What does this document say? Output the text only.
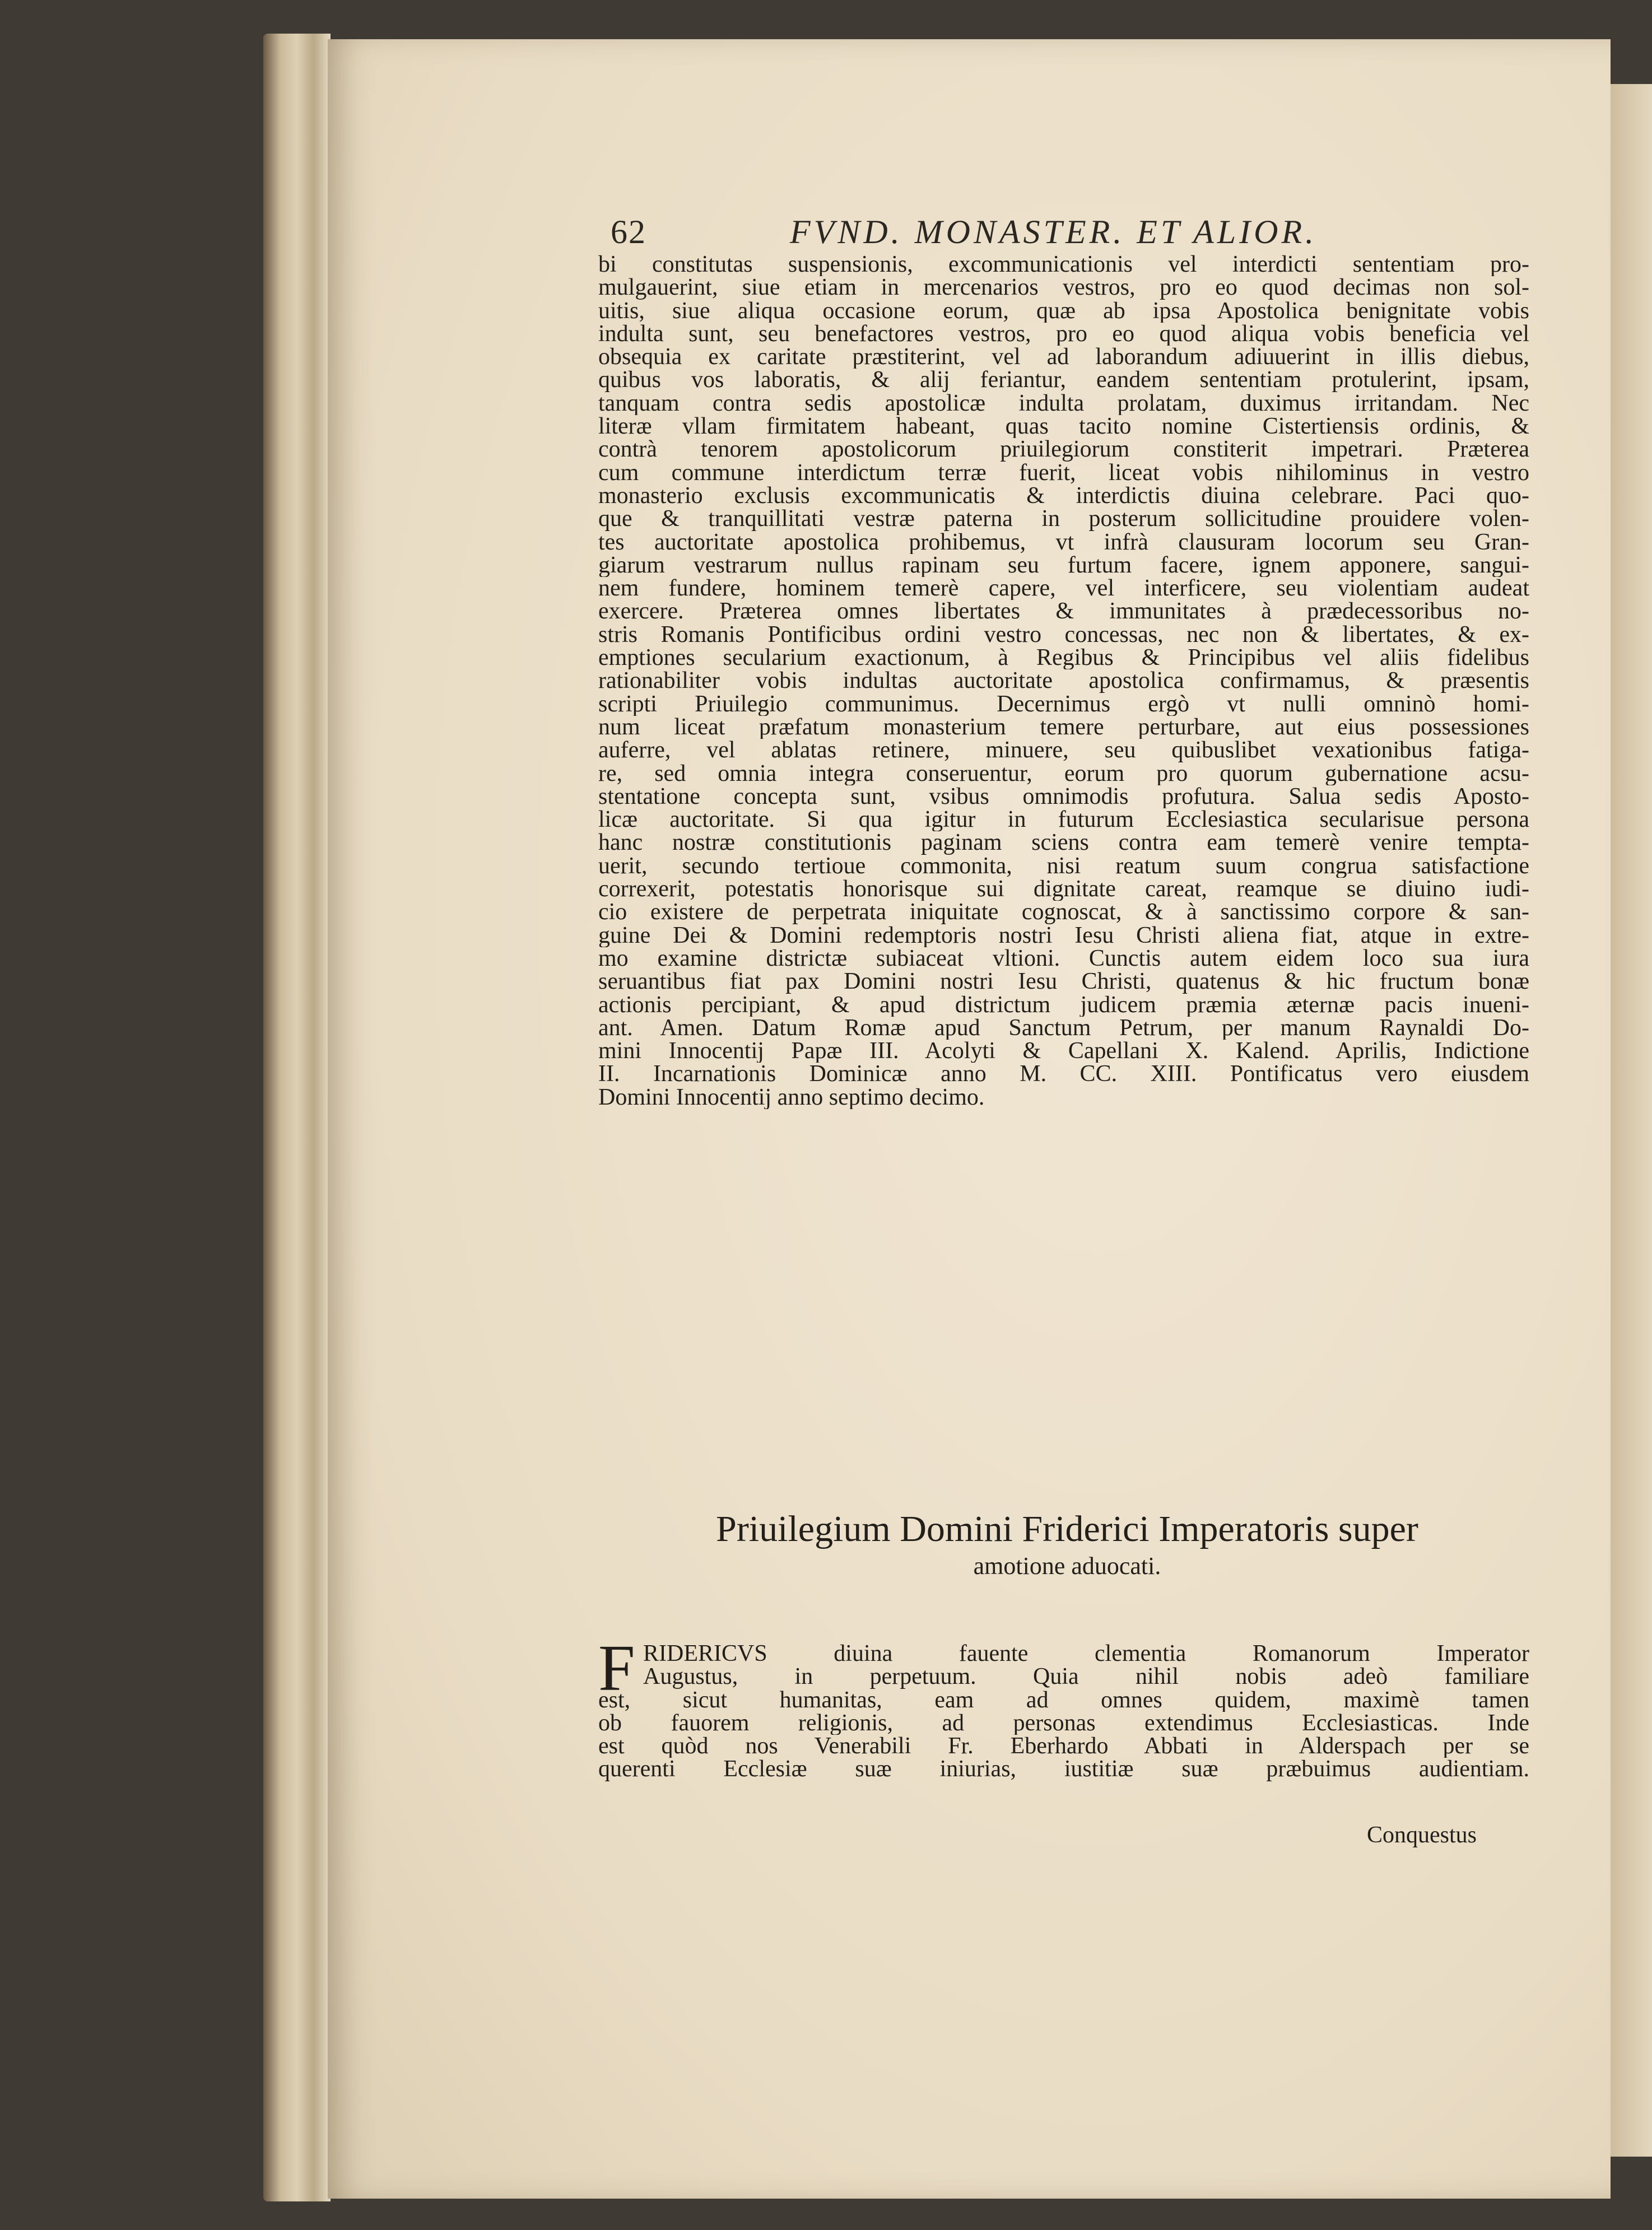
62	FVND. MONASTER. ET ALIOR.
bi constitutas suspensionis, excommunicationis vel interdicti sententiam pro-
mulgauerint, siue etiam in mercenarios vestros, pro eo quod decimas non sol-
uitis, siue aliqua occasione eorum, quæ ab ipsa Apostolica benignitate vobis
indulta sunt, seu benefactores vestros, pro eo quod aliqua vobis beneficia vel
obsequia ex caritate præstiterint, vel ad laborandum adiuuerint in illis diebus,
quibus vos laboratis, & alij feriantur, eandem sententiam protulerint, ipsam,
tanquam contra sedis apostolicæ indulta prolatam, duximus irritandam. Nec
literæ vllam firmitatem habeant, quas tacito nomine Cistertiensis ordinis, &
contrà tenorem apostolicorum priuilegiorum constiterit impetrari. Præterea
cum commune interdictum terræ fuerit, liceat vobis nihilominus in vestro
monasterio exclusis excommunicatis & interdictis diuina celebrare. Paci quo-
que & tranquillitati vestræ paterna in posterum sollicitudine prouidere volen-
tes auctoritate apostolica prohibemus, vt infrà clausuram locorum seu Gran-
giarum vestrarum nullus rapinam seu furtum facere, ignem apponere, sangui-
nem fundere, hominem temerè capere, vel interficere, seu violentiam audeat
exercere. Præterea omnes libertates & immunitates à prædecessoribus no-
stris Romanis Pontificibus ordini vestro concessas, nec non & libertates, & ex-
emptiones secularium exactionum, à Regibus & Principibus vel aliis fidelibus
rationabiliter vobis indultas auctoritate apostolica confirmamus, & præsentis
scripti Priuilegio communimus. Decernimus ergò vt nulli omninò homi-
num liceat præfatum monasterium temere perturbare, aut eius possessiones
auferre, vel ablatas retinere, minuere, seu quibuslibet vexationibus fatiga-
re, sed omnia integra conseruentur, eorum pro quorum gubernatione acsu-
stentatione concepta sunt, vsibus omnimodis profutura. Salua sedis Aposto-
licæ auctoritate. Si qua igitur in futurum Ecclesiastica secularisue persona
hanc nostræ constitutionis paginam sciens contra eam temerè venire tempta-
uerit, secundo tertioue commonita, nisi reatum suum congrua satisfactione
correxerit, potestatis honorisque sui dignitate careat, reamque se diuino iudi-
cio existere de perpetrata iniquitate cognoscat, & à sanctissimo corpore & san-
guine Dei & Domini redemptoris nostri Iesu Christi aliena fiat, atque in extre-
mo examine districtæ subiaceat vltioni. Cunctis autem eidem loco sua iura
seruantibus fiat pax Domini nostri Iesu Christi, quatenus & hic fructum bonæ
actionis percipiant, & apud districtum judicem præmia æternæ pacis inueni-
ant. Amen. Datum Romæ apud Sanctum Petrum, per manum Raynaldi Do-
mini Innocentij Papæ III. Acolyti & Capellani X. Kalend. Aprilis, Indictione
II. Incarnationis Dominicæ anno M. CC. XIII. Pontificatus vero eiusdem
Domini Innocentij anno septimo decimo.
Priuilegium Domini Friderici Imperatoris super
amotione aduocati.
F RIDERICVS diuina fauente clementia Romanorum Imperator
Augustus, in perpetuum. Quia nihil nobis adeò familiare
est, sicut humanitas, eam ad omnes quidem, maximè tamen
ob fauorem religionis, ad personas extendimus Ecclesiasticas. Inde
est quòd nos Venerabili Fr. Eberhardo Abbati in Alderspach per se
querenti Ecclesiæ suæ iniurias, iustitiæ suæ præbuimus audientiam.
Conquestus
